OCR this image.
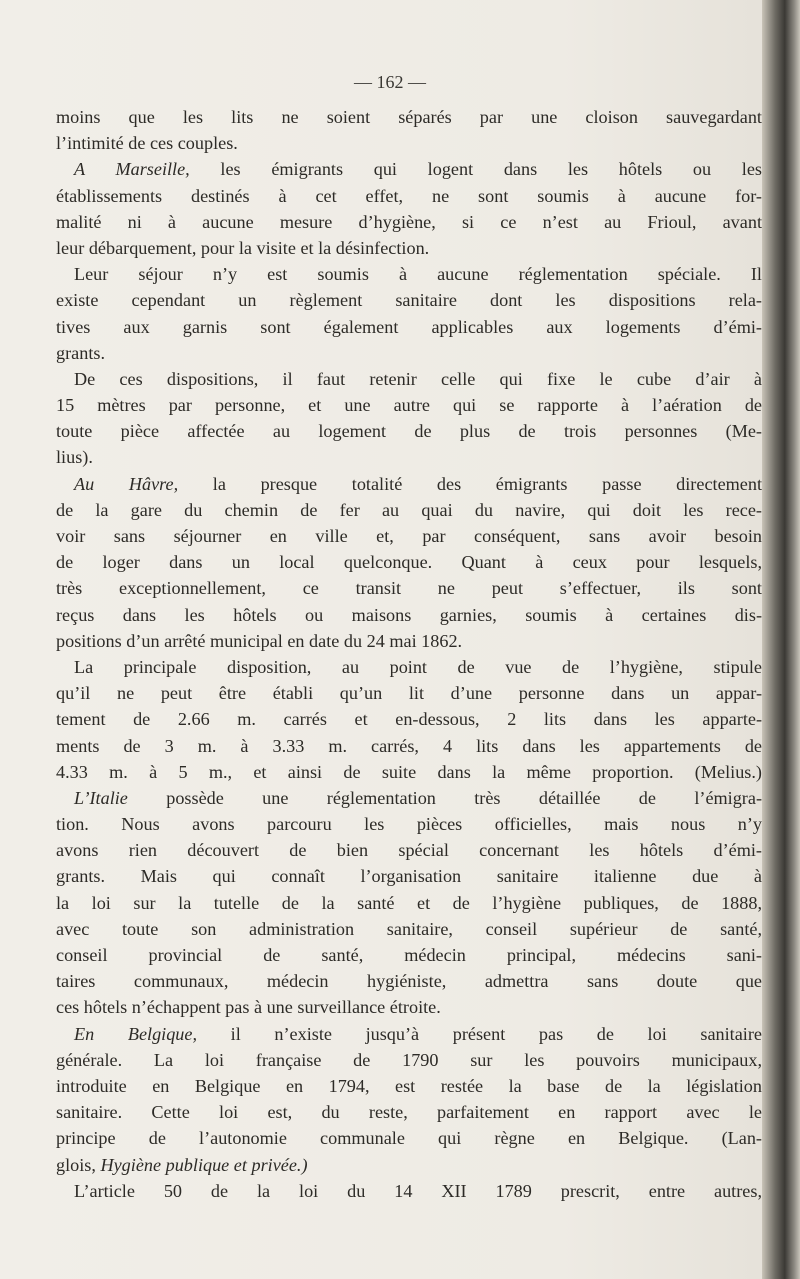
— 162 —
moins que les lits ne soient séparés par une cloison sauvegardant
l’intimité de ces couples.
A Marseille, les émigrants qui logent dans les hôtels ou les
établissements destinés à cet effet, ne sont soumis à aucune for-
malité ni à aucune mesure d’hygiène, si ce n’est au Frioul, avant
leur débarquement, pour la visite et la désinfection.
Leur séjour n’y est soumis à aucune réglementation spéciale. Il
existe cependant un règlement sanitaire dont les dispositions rela-
tives aux garnis sont également applicables aux logements d’émi-
grants.
De ces dispositions, il faut retenir celle qui fixe le cube d’air à
15 mètres par personne, et une autre qui se rapporte à l’aération de
toute pièce affectée au logement de plus de trois personnes (Me-
lius).
Au Hâvre, la presque totalité des émigrants passe directement
de la gare du chemin de fer au quai du navire, qui doit les rece-
voir sans séjourner en ville et, par conséquent, sans avoir besoin
de loger dans un local quelconque. Quant à ceux pour lesquels,
très exceptionnellement, ce transit ne peut s’effectuer, ils sont
reçus dans les hôtels ou maisons garnies, soumis à certaines dis-
positions d’un arrêté municipal en date du 24 mai 1862.
La principale disposition, au point de vue de l’hygiène, stipule
qu’il ne peut être établi qu’un lit d’une personne dans un appar-
tement de 2.66 m. carrés et en-dessous, 2 lits dans les apparte-
ments de 3 m. à 3.33 m. carrés, 4 lits dans les appartements de
4.33 m. à 5 m., et ainsi de suite dans la même proportion. (Melius.)
L’Italie possède une réglementation très détaillée de l’émigra-
tion. Nous avons parcouru les pièces officielles, mais nous n’y
avons rien découvert de bien spécial concernant les hôtels d’émi-
grants. Mais qui connaît l’organisation sanitaire italienne due à
la loi sur la tutelle de la santé et de l’hygiène publiques, de 1888,
avec toute son administration sanitaire, conseil supérieur de santé,
conseil provincial de santé, médecin principal, médecins sani-
taires communaux, médecin hygiéniste, admettra sans doute que
ces hôtels n’échappent pas à une surveillance étroite.
En Belgique, il n’existe jusqu’à présent pas de loi sanitaire
générale. La loi française de 1790 sur les pouvoirs municipaux,
introduite en Belgique en 1794, est restée la base de la législation
sanitaire. Cette loi est, du reste, parfaitement en rapport avec le
principe de l’autonomie communale qui règne en Belgique. (Lan-
glois, Hygiène publique et privée.)
L’article 50 de la loi du 14 XII 1789 prescrit, entre autres,
